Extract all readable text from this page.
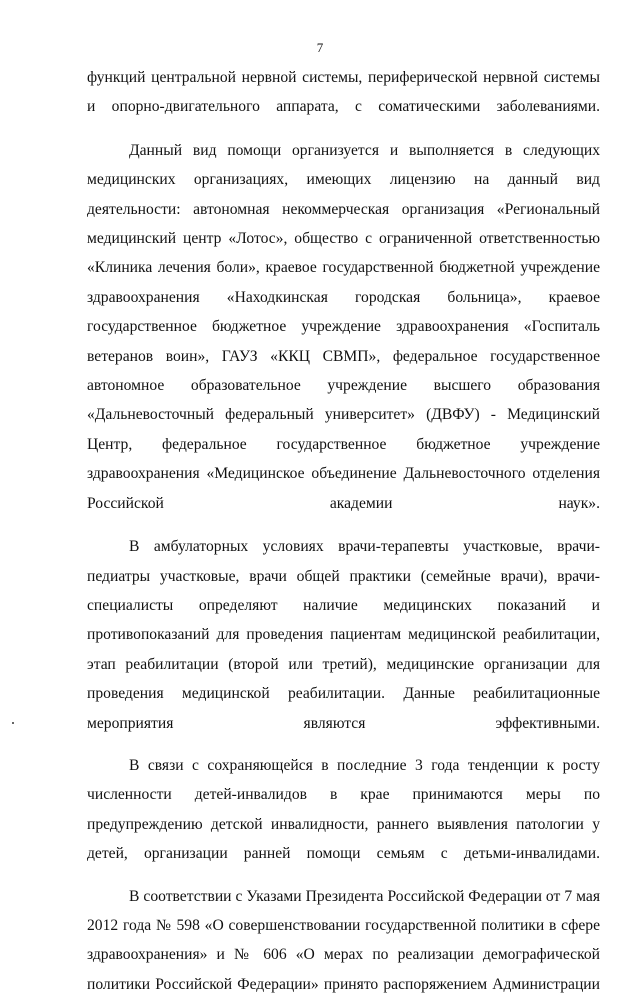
7

функций центральной нервной системы, периферической нервной системы и опорно-двигательного аппарата, с соматическими заболеваниями.

Данный вид помощи организуется и выполняется в следующих медицинских организациях, имеющих лицензию на данный вид деятельности: автономная некоммерческая организация «Региональный медицинский центр «Лотос», общество с ограниченной ответственностью «Клиника лечения боли», краевое государственной бюджетной учреждение здравоохранения «Находкинская городская больница», краевое государственное бюджетное учреждение здравоохранения «Госпиталь ветеранов воин», ГАУЗ «ККЦ СВМП», федеральное государственное автономное образовательное учреждение высшего образования «Дальневосточный федеральный университет» (ДВФУ) - Медицинский Центр, федеральное государственное бюджетное учреждение здравоохранения «Медицинское объединение Дальневосточного отделения Российской академии наук».

В амбулаторных условиях врачи-терапевты участковые, врачи-педиатры участковые, врачи общей практики (семейные врачи), врачи-специалисты определяют наличие медицинских показаний и противопоказаний для проведения пациентам медицинской реабилитации, этап реабилитации (второй или третий), медицинские организации для проведения медицинской реабилитации. Данные реабилитационные мероприятия являются эффективными.

В связи с сохраняющейся в последние 3 года тенденции к росту численности детей-инвалидов в крае принимаются меры по предупреждению детской инвалидности, раннего выявления патологии у детей, организации ранней помощи семьям с детьми-инвалидами.

В соответствии с Указами Президента Российской Федерации от 7 мая 2012 года № 598 «О совершенствовании государственной политики в сфере здравоохранения» и № 606 «О мерах по реализации демографической политики Российской Федерации» принято распоряжением Администрации
